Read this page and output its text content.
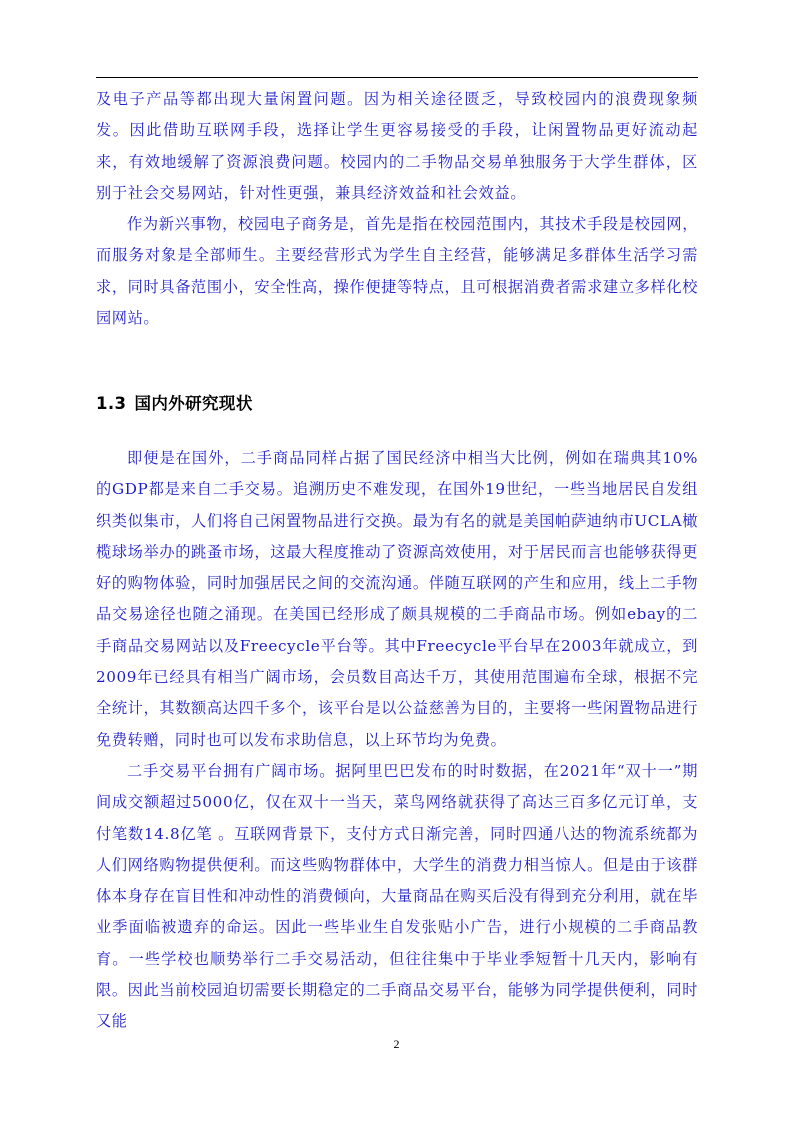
及电子产品等都出现大量闲置问题。因为相关途径匮乏，导致校园内的浪费现象频发。因此借助互联网手段，选择让学生更容易接受的手段，让闲置物品更好流动起来，有效地缓解了资源浪费问题。校园内的二手物品交易单独服务于大学生群体，区别于社会交易网站，针对性更强，兼具经济效益和社会效益。

作为新兴事物，校园电子商务是，首先是指在校园范围内，其技术手段是校园网，而服务对象是全部师生。主要经营形式为学生自主经营，能够满足多群体生活学习需求，同时具备范围小，安全性高，操作便捷等特点，且可根据消费者需求建立多样化校园网站。

1.3 国内外研究现状

即便是在国外，二手商品同样占据了国民经济中相当大比例，例如在瑞典其10%的GDP都是来自二手交易。追溯历史不难发现，在国外19世纪，一些当地居民自发组织类似集市，人们将自己闲置物品进行交换。最为有名的就是美国帕萨迪纳市UCLA橄榄球场举办的跳蚤市场，这最大程度推动了资源高效使用，对于居民而言也能够获得更好的购物体验，同时加强居民之间的交流沟通。伴随互联网的产生和应用，线上二手物品交易途径也随之涌现。在美国已经形成了颇具规模的二手商品市场。例如ebay的二手商品交易网站以及Freecycle平台等。其中Freecycle平台早在2003年就成立，到2009年已经具有相当广阔市场，会员数目高达千万，其使用范围遍布全球，根据不完全统计，其数额高达四千多个，该平台是以公益慈善为目的，主要将一些闲置物品进行免费转赠，同时也可以发布求助信息，以上环节均为免费。

二手交易平台拥有广阔市场。据阿里巴巴发布的时时数据，在2021年“双十一”期间成交额超过5000亿，仅在双十一当天，菜鸟网络就获得了高达三百多亿元订单，支付笔数14.8亿笔 。互联网背景下，支付方式日渐完善，同时四通八达的物流系统都为人们网络购物提供便利。而这些购物群体中，大学生的消费力相当惊人。但是由于该群体本身存在盲目性和冲动性的消费倾向，大量商品在购买后没有得到充分利用，就在毕业季面临被遗弃的命运。因此一些毕业生自发张贴小广告，进行小规模的二手商品教育。一些学校也顺势举行二手交易活动，但往往集中于毕业季短暂十几天内，影响有限。因此当前校园迫切需要长期稳定的二手商品交易平台，能够为同学提供便利，同时又能

2
